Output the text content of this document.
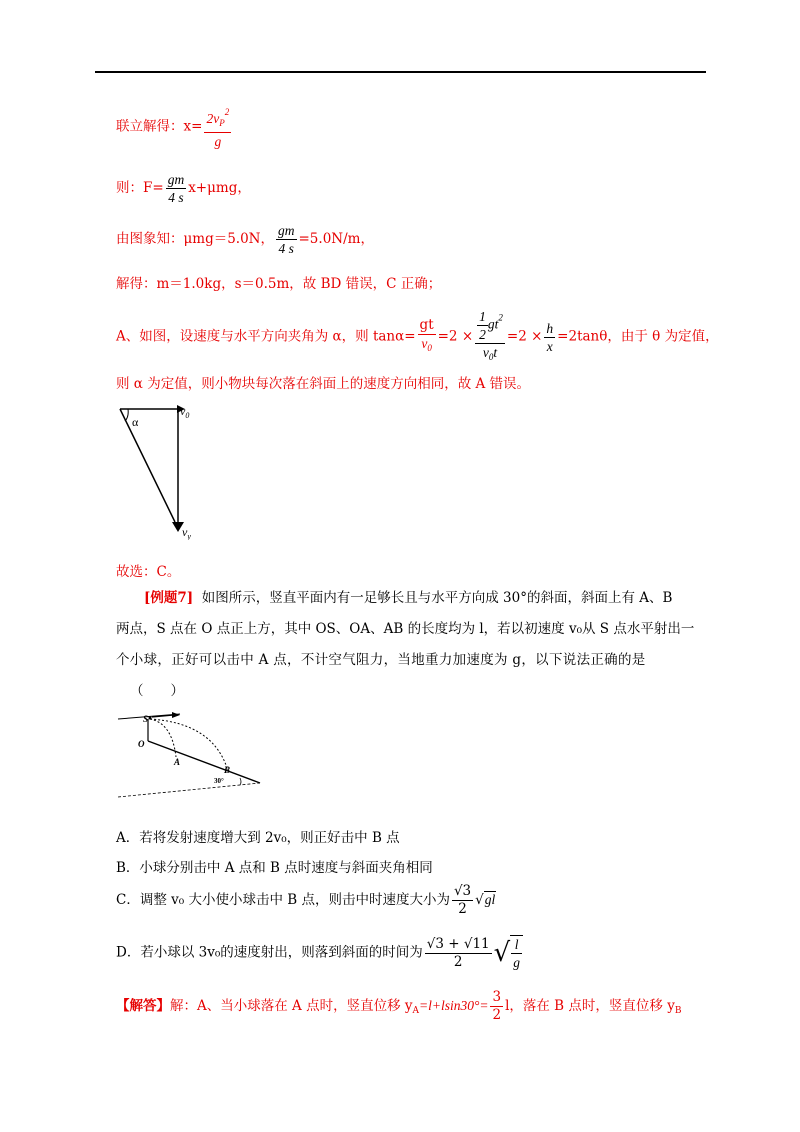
联立解得：$x= \frac{2v_P^2}{g}$
则：$F= \frac{gm}{4 s} x+\mu mg$，
由图象知：μmg＝5.0N， $\frac{gm}{4 s} =5.0N/m$，
解得：m＝1.0kg，s＝0.5m，故 BD 错误，C 正确；
A、如图，设速度与水平方向夹角为 α，则 $\tan\alpha= \frac{gt}{v_0} =2 \times \frac{\frac{1}{2} gt^2}{v_0t} =2 \times \frac{h}{x} =2\tan\theta$，由于 θ 为定值，
则 α 为定值，则小物块每次落在斜面上的速度方向相同，故 A 错误。
α
$v_0$
$v_y$
故选：C。
[例题7] 如图所示，竖直平面内有一足够长且与水平方向成 30°的斜面，斜面上有 A、B
两点，S 点在 O 点正上方，其中 OS、OA、AB 的长度均为 l，若以初速度 v₀从 S 点水平射出一
个小球，正好可以击中 A 点，不计空气阻力，当地重力加速度为 g，以下说法正确的是
（　　）
S
O
A
B
30°
A．若将发射速度增大到 2v₀，则正好击中 B 点
B．小球分别击中 A 点和 B 点时速度与斜面夹角相同
C．调整 v₀ 大小使小球击中 B 点，则击中时速度大小为 $\frac{√3}{2} √gl$
D．若小球以 3v₀的速度射出，则落到斜面的时间为 $\frac{√3 + √11}{2}$ √ $\frac{l}{g}$
【解答】解：A、当小球落在 A 点时，竖直位移 $y_A=l+lsin30^\circ= \frac{3}{2}$ l，落在 B 点时，竖直位移 $y_B$
